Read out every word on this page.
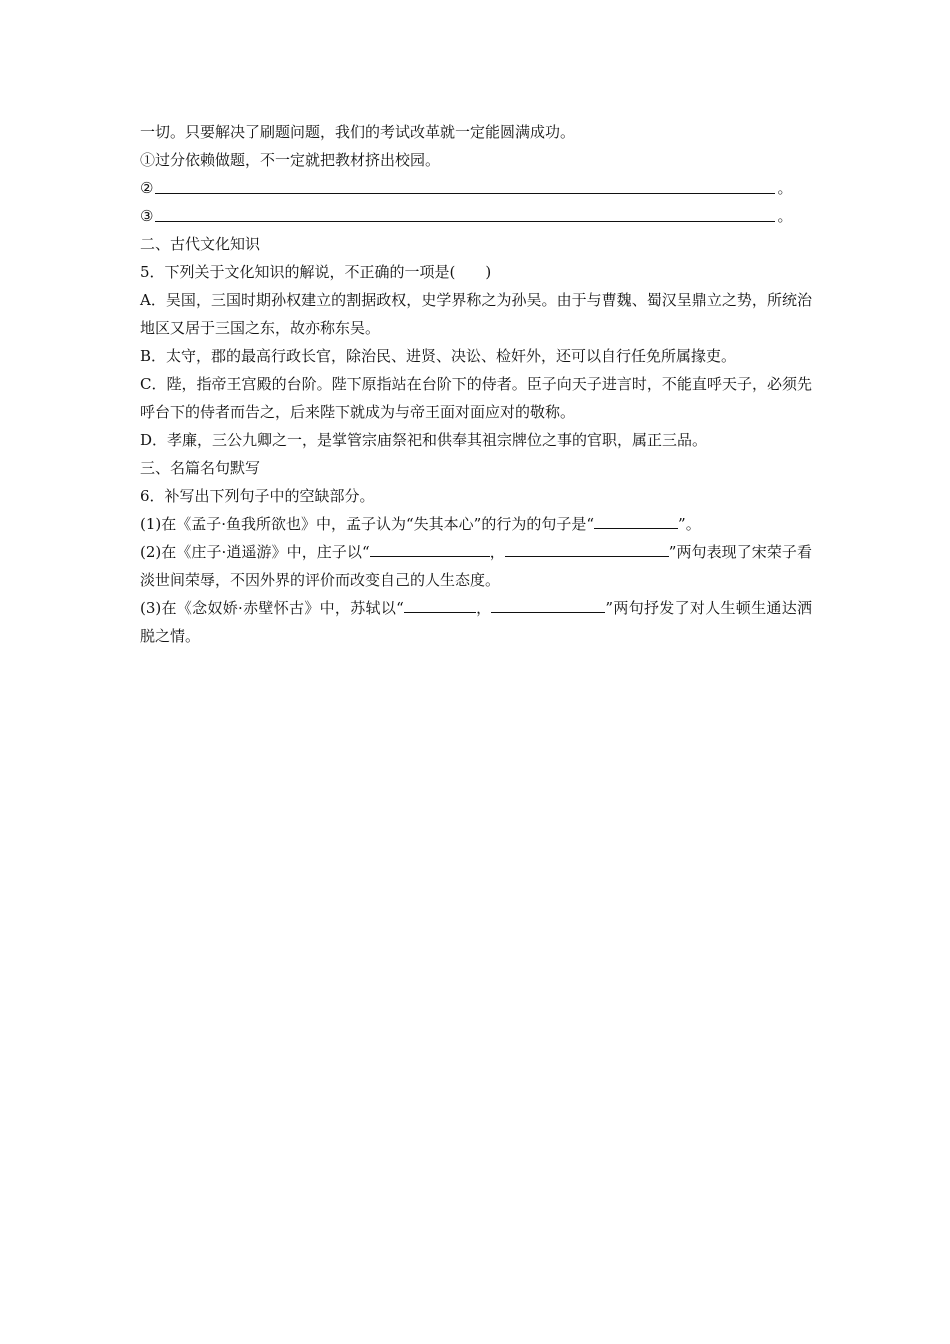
一切。只要解决了刷题问题，我们的考试改革就一定能圆满成功。
①过分依赖做题，不一定就把教材挤出校园。
②	。
③	。
二、古代文化知识
5．下列关于文化知识的解说，不正确的一项是(　　)
A．吴国，三国时期孙权建立的割据政权，史学界称之为孙吴。由于与曹魏、蜀汉呈鼎立之势，所统治地区又居于三国之东，故亦称东吴。
B．太守，郡的最高行政长官，除治民、进贤、决讼、检奸外，还可以自行任免所属掾吏。
C．陛，指帝王宫殿的台阶。陛下原指站在台阶下的侍者。臣子向天子进言时，不能直呼天子，必须先呼台下的侍者而告之，后来陛下就成为与帝王面对面应对的敬称。
D．孝廉，三公九卿之一，是掌管宗庙祭祀和供奉其祖宗牌位之事的官职，属正三品。
三、名篇名句默写
6．补写出下列句子中的空缺部分。
(1)在《孟子·鱼我所欲也》中，孟子认为“失其本心”的行为的句子是“	”。
(2)在《庄子·逍遥游》中，庄子以“	，	”两句表现了宋荣子看淡世间荣辱，不因外界的评价而改变自己的人生态度。
(3)在《念奴娇·赤壁怀古》中，苏轼以“	，	”两句抒发了对人生顿生通达洒脱之情。
